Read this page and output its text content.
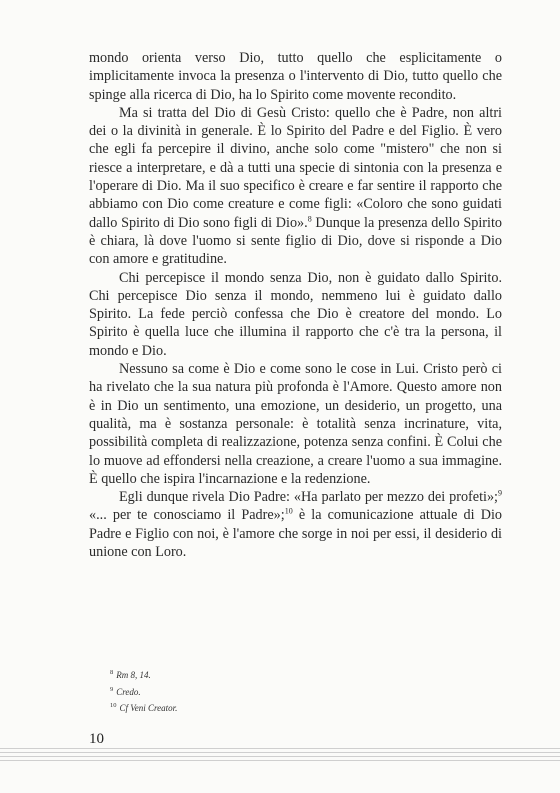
mondo orienta verso Dio, tutto quello che esplicitamente o implicitamente invoca la presenza o l'intervento di Dio, tutto quello che spinge alla ricerca di Dio, ha lo Spirito come movente recondito.

Ma si tratta del Dio di Gesù Cristo: quello che è Padre, non altri dei o la divinità in generale. È lo Spirito del Padre e del Figlio. È vero che egli fa percepire il divino, anche solo come "mistero" che non si riesce a interpretare, e dà a tutti una specie di sintonia con la presenza e l'operare di Dio. Ma il suo specifico è creare e far sentire il rapporto che abbiamo con Dio come creature e come figli: «Coloro che sono guidati dallo Spirito di Dio sono figli di Dio».$^8$ Dunque la presenza dello Spirito è chiara, là dove l'uomo si sente figlio di Dio, dove si risponde a Dio con amore e gratitudine.

Chi percepisce il mondo senza Dio, non è guidato dallo Spirito. Chi percepisce Dio senza il mondo, nemmeno lui è guidato dallo Spirito. La fede perciò confessa che Dio è creatore del mondo. Lo Spirito è quella luce che illumina il rapporto che c'è tra la persona, il mondo e Dio.

Nessuno sa come è Dio e come sono le cose in Lui. Cristo però ci ha rivelato che la sua natura più profonda è l'Amore. Questo amore non è in Dio un sentimento, una emozione, un desiderio, un progetto, una qualità, ma è sostanza personale: è totalità senza incrinature, vita, possibilità completa di realizzazione, potenza senza confini. È Colui che lo muove ad effondersi nella creazione, a creare l'uomo a sua immagine. È quello che ispira l'incarnazione e la redenzione.

Egli dunque rivela Dio Padre: «Ha parlato per mezzo dei profeti»;$^9$ «... per te conosciamo il Padre»;$^{10}$ è la comunicazione attuale di Dio Padre e Figlio con noi, è l'amore che sorge in noi per essi, il desiderio di unione con Loro.

$^8$ Rm 8, 14.

$^9$ Credo.

$^{10}$ Cf Veni Creator.

10
